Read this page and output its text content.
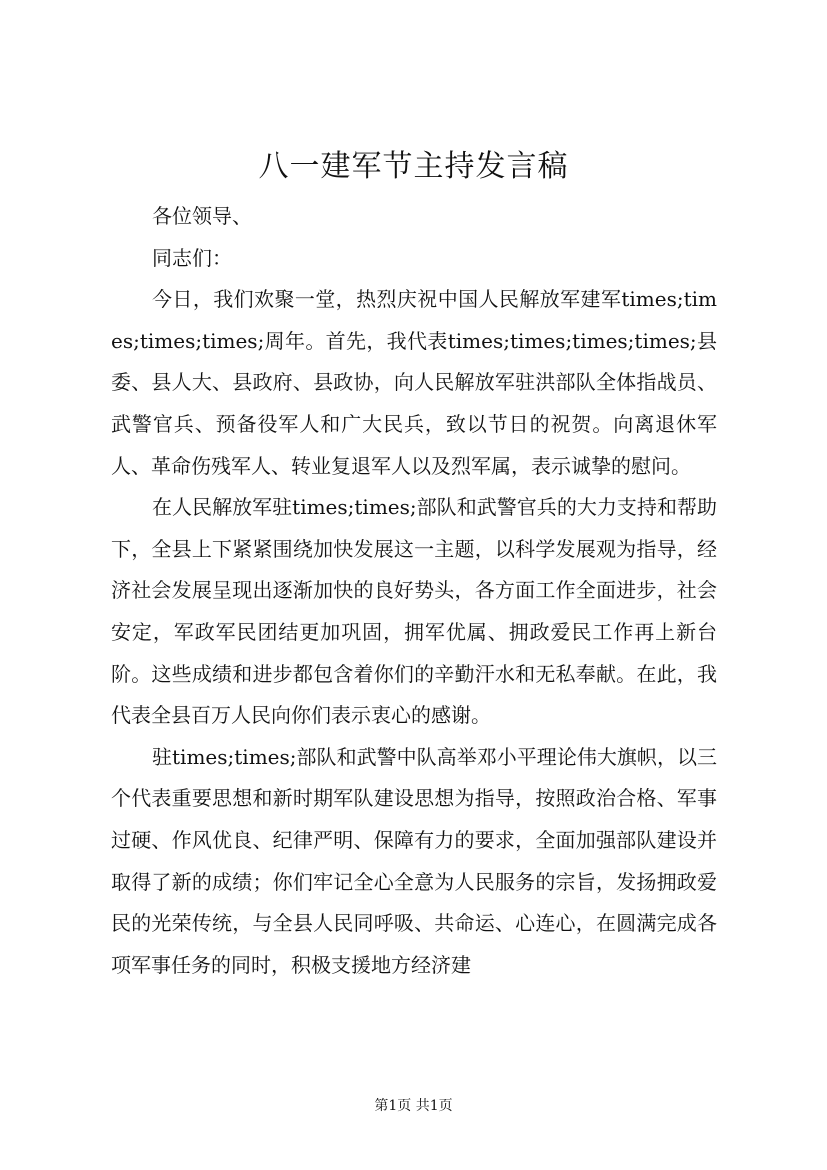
八一建军节主持发言稿

各位领导、

同志们：

今日，我们欢聚一堂，热烈庆祝中国人民解放军建军times;times;times;times;周年。首先，我代表times;times;times;times;县委、县人大、县政府、县政协，向人民解放军驻洪部队全体指战员、武警官兵、预备役军人和广大民兵，致以节日的祝贺。向离退休军人、革命伤残军人、转业复退军人以及烈军属，表示诚挚的慰问。

在人民解放军驻times;times;部队和武警官兵的大力支持和帮助下，全县上下紧紧围绕加快发展这一主题，以科学发展观为指导，经济社会发展呈现出逐渐加快的良好势头，各方面工作全面进步，社会安定，军政军民团结更加巩固，拥军优属、拥政爱民工作再上新台阶。这些成绩和进步都包含着你们的辛勤汗水和无私奉献。在此，我代表全县百万人民向你们表示衷心的感谢。

驻times;times;部队和武警中队高举邓小平理论伟大旗帜，以三个代表重要思想和新时期军队建设思想为指导，按照政治合格、军事过硬、作风优良、纪律严明、保障有力的要求，全面加强部队建设并取得了新的成绩；你们牢记全心全意为人民服务的宗旨，发扬拥政爱民的光荣传统，与全县人民同呼吸、共命运、心连心，在圆满完成各项军事任务的同时，积极支援地方经济建

第1页 共1页
